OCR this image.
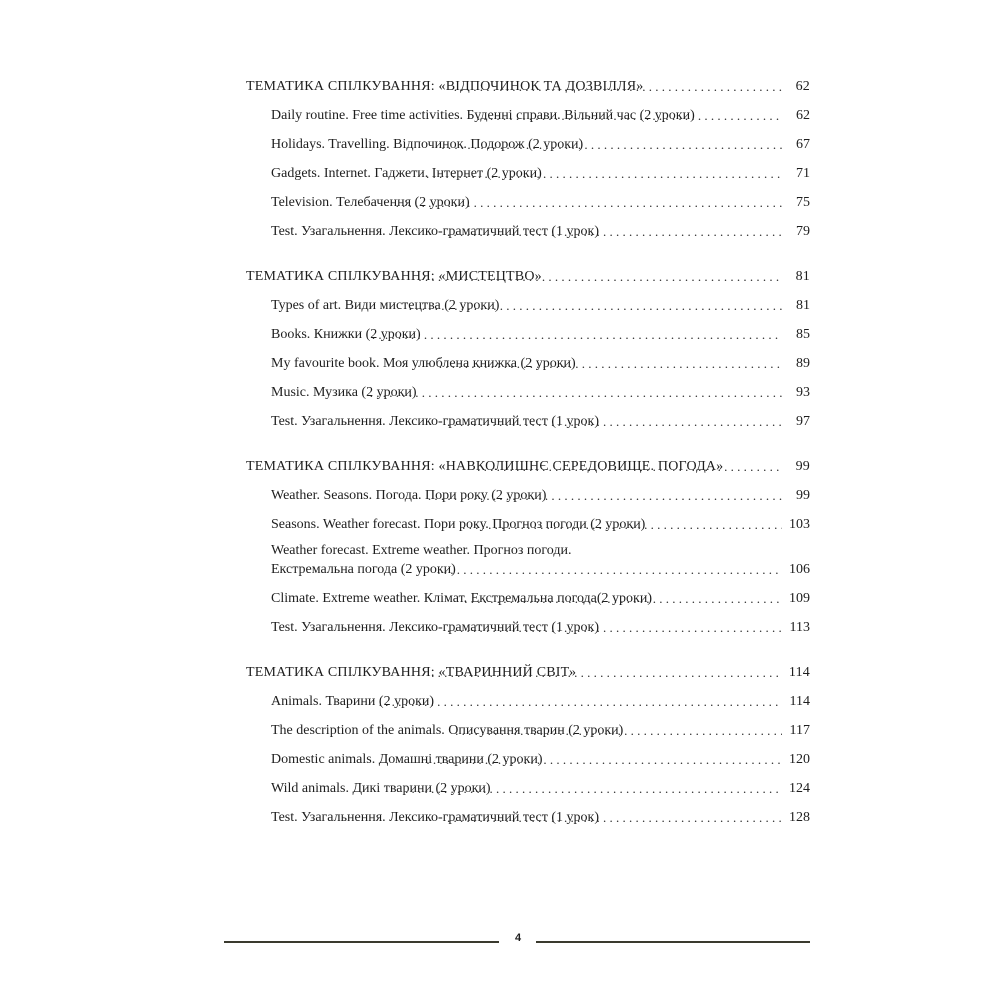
ТЕМАТИКА СПІЛКУВАННЯ: «ВІДПОЧИНОК ТА ДОЗВІЛЛЯ» . . .	62
Daily routine. Free time activities. Буденні справи. Вільний час (2 уроки) . . .	62
Holidays. Travelling. Відпочинок. Подорож (2 уроки) . . .	67
Gadgets. Internet. Гаджети. Інтернет (2 уроки) . . .	71
Television. Телебачення (2 уроки) . . .	75
Test. Узагальнення. Лексико-граматичний тест (1 урок) . . .	79
ТЕМАТИКА СПІЛКУВАННЯ: «МИСТЕЦТВО» . . .	81
Types of art. Види мистецтва (2 уроки) . . .	81
Books. Книжки (2 уроки) . . .	85
My favourite book. Моя улюблена книжка (2 уроки) . . .	89
Music. Музика (2 уроки) . . .	93
Test. Узагальнення. Лексико-граматичний тест (1 урок) . . .	97
ТЕМАТИКА СПІЛКУВАННЯ: «НАВКОЛИШНЄ СЕРЕДОВИЩЕ. ПОГОДА» . . .	99
Weather. Seasons. Погода. Пори року (2 уроки) . . .	99
Seasons. Weather forecast. Пори року. Прогноз погоди (2 уроки) . . .	103
Weather forecast. Extreme weather. Прогноз погоди.
Екстремальна погода (2 уроки) . . .	106
Climate. Extreme weather. Клімат. Екстремальна погода(2 уроки) . . .	109
Test. Узагальнення. Лексико-граматичний тест (1 урок) . . .	113
ТЕМАТИКА СПІЛКУВАННЯ: «ТВАРИННИЙ СВІТ» . . .	114
Animals. Тварини (2 уроки) . . .	114
The description of the animals. Описування тварин (2 уроки) . . .	117
Domestic animals. Домашні тварини (2 уроки) . . .	120
Wild animals. Дикі тварини (2 уроки) . . .	124
Test. Узагальнення. Лексико-граматичний тест (1 урок) . . .	128
4
